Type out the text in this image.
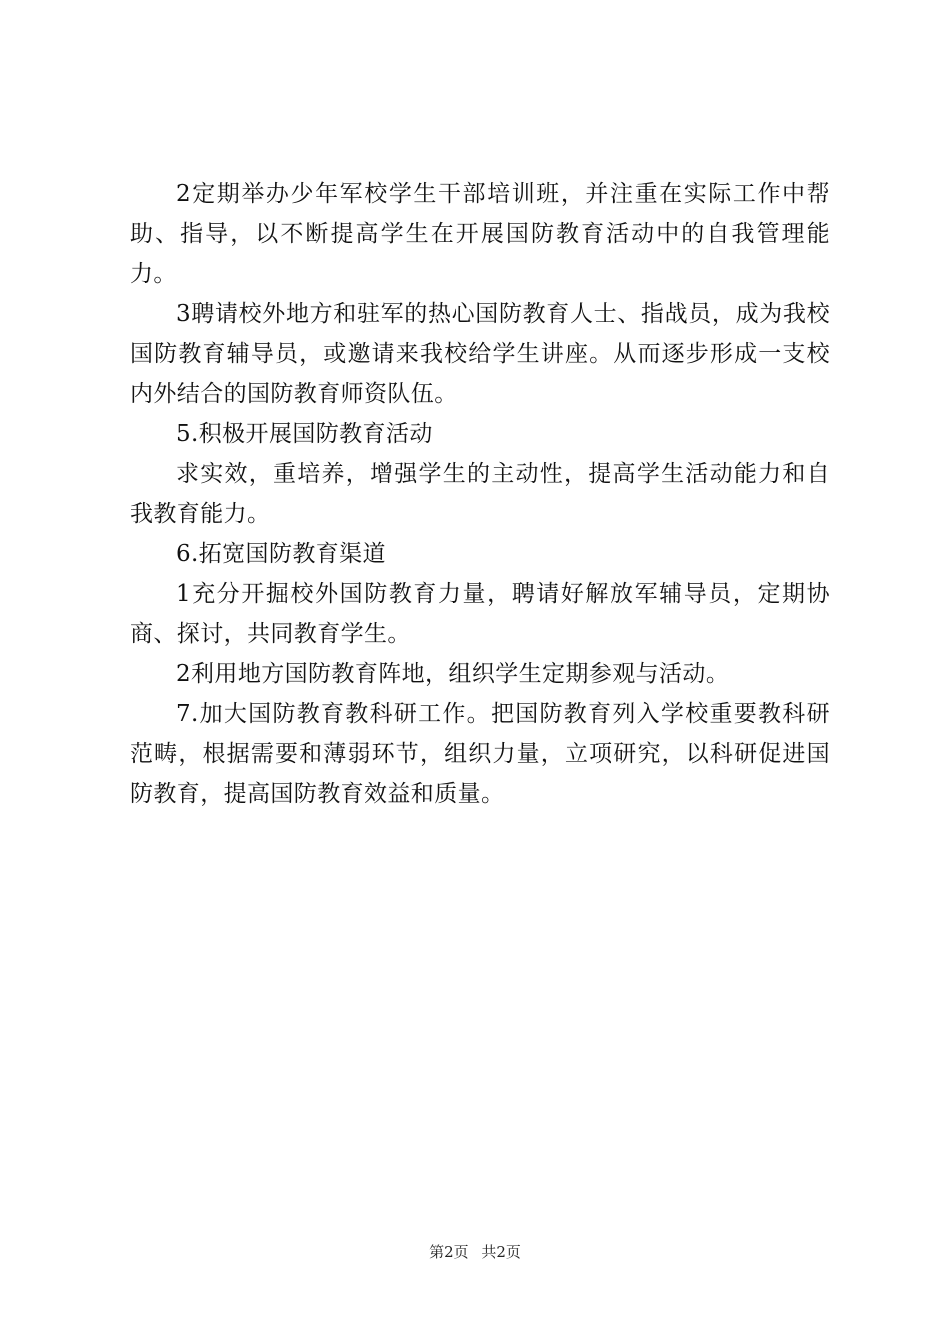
2定期举办少年军校学生干部培训班，并注重在实际工作中帮助、指导，以不断提高学生在开展国防教育活动中的自我管理能力。

3聘请校外地方和驻军的热心国防教育人士、指战员，成为我校国防教育辅导员，或邀请来我校给学生讲座。从而逐步形成一支校内外结合的国防教育师资队伍。

5.积极开展国防教育活动

求实效，重培养，增强学生的主动性，提高学生活动能力和自我教育能力。

6.拓宽国防教育渠道

1充分开掘校外国防教育力量，聘请好解放军辅导员，定期协商、探讨，共同教育学生。

2利用地方国防教育阵地，组织学生定期参观与活动。

7.加大国防教育教科研工作。把国防教育列入学校重要教科研范畴，根据需要和薄弱环节，组织力量，立项研究，以科研促进国防教育，提高国防教育效益和质量。

第2页 共2页
